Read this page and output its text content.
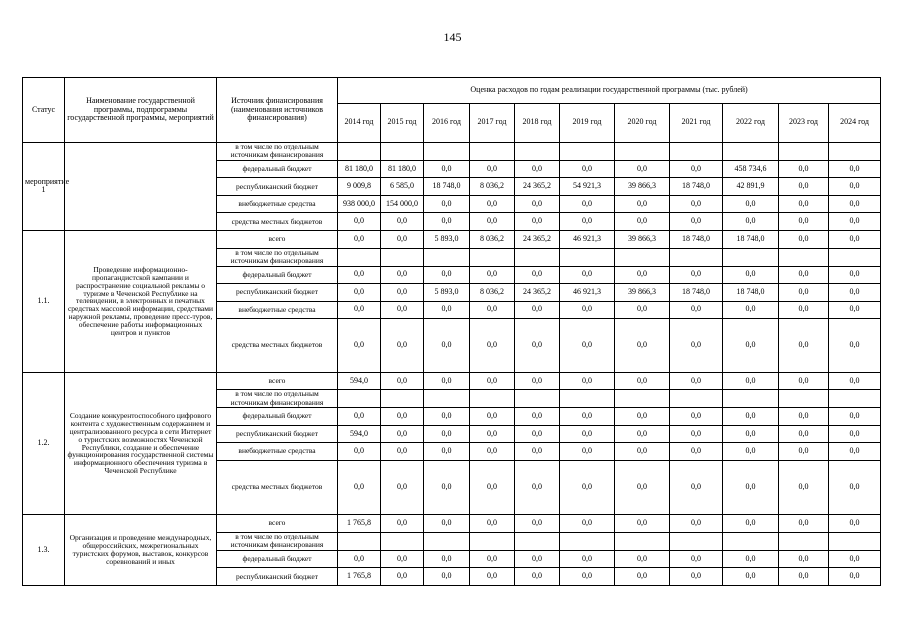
145
Статус	Наименование государственной программы, подпрограммы государственной программы, мероприятий	Источник финансирования (наименования источников финансирования)	Оценка расходов по годам реализации государственной программы (тыс. рублей)										
			2014 год	2015 год	2016 год	2017 год	2018 год	2019 год	2020 год	2021 год	2022 год	2023 год	2024 год
мероприятие 1		в том числе по отдельным источникам финансирования											
		федеральный бюджет	81 180,0	81 180,0	0,0	0,0	0,0	0,0	0,0	0,0	458 734,6	0,0	0,0
		республиканский бюджет	9 009,8	6 585,0	18 748,0	8 036,2	24 365,2	54 921,3	39 866,3	18 748,0	42 891,9	0,0	0,0
		внебюджетные средства	938 000,0	154 000,0	0,0	0,0	0,0	0,0	0,0	0,0	0,0	0,0	0,0
		средства местных бюджетов	0,0	0,0	0,0	0,0	0,0	0,0	0,0	0,0	0,0	0,0	0,0
1.1.	Проведение информационно-пропагандистской кампании и распространение социальной рекламы о туризме в Чеченской Республике на телевидении, в электронных и печатных средствах массовой информации, средствами наружной рекламы, проведение пресс-туров, обеспечение работы информационных центров и пунктов	всего	0,0	0,0	5 893,0	8 036,2	24 365,2	46 921,3	39 866,3	18 748,0	18 748,0	0,0	0,0
		в том числе по отдельным источникам финансирования											
		федеральный бюджет	0,0	0,0	0,0	0,0	0,0	0,0	0,0	0,0	0,0	0,0	0,0
		республиканский бюджет	0,0	0,0	5 893,0	8 036,2	24 365,2	46 921,3	39 866,3	18 748,0	18 748,0	0,0	0,0
		внебюджетные средства	0,0	0,0	0,0	0,0	0,0	0,0	0,0	0,0	0,0	0,0	0,0
		средства местных бюджетов	0,0	0,0	0,0	0,0	0,0	0,0	0,0	0,0	0,0	0,0	0,0
1.2.	Создание конкурентоспособного цифрового контента с художественным содержанием и централизованного ресурса в сети Интернет о туристских возможностях Чеченской Республики, создание и обеспечение функционирования государственной системы информационного обеспечения туризма в Чеченской Республике	всего	594,0	0,0	0,0	0,0	0,0	0,0	0,0	0,0	0,0	0,0	0,0
		в том числе по отдельным источникам финансирования											
		федеральный бюджет	0,0	0,0	0,0	0,0	0,0	0,0	0,0	0,0	0,0	0,0	0,0
		республиканский бюджет	594,0	0,0	0,0	0,0	0,0	0,0	0,0	0,0	0,0	0,0	0,0
		внебюджетные средства	0,0	0,0	0,0	0,0	0,0	0,0	0,0	0,0	0,0	0,0	0,0
		средства местных бюджетов	0,0	0,0	0,0	0,0	0,0	0,0	0,0	0,0	0,0	0,0	0,0
1.3.	Организация и проведение международных, общероссийских, межрегиональных туристских форумов, выставок, конкурсов соревнований и иных	всего	1 765,8	0,0	0,0	0,0	0,0	0,0	0,0	0,0	0,0	0,0	0,0
		в том числе по отдельным источникам финансирования											
		федеральный бюджет	0,0	0,0	0,0	0,0	0,0	0,0	0,0	0,0	0,0	0,0	0,0
		республиканский бюджет	1 765,8	0,0	0,0	0,0	0,0	0,0	0,0	0,0	0,0	0,0	0,0
